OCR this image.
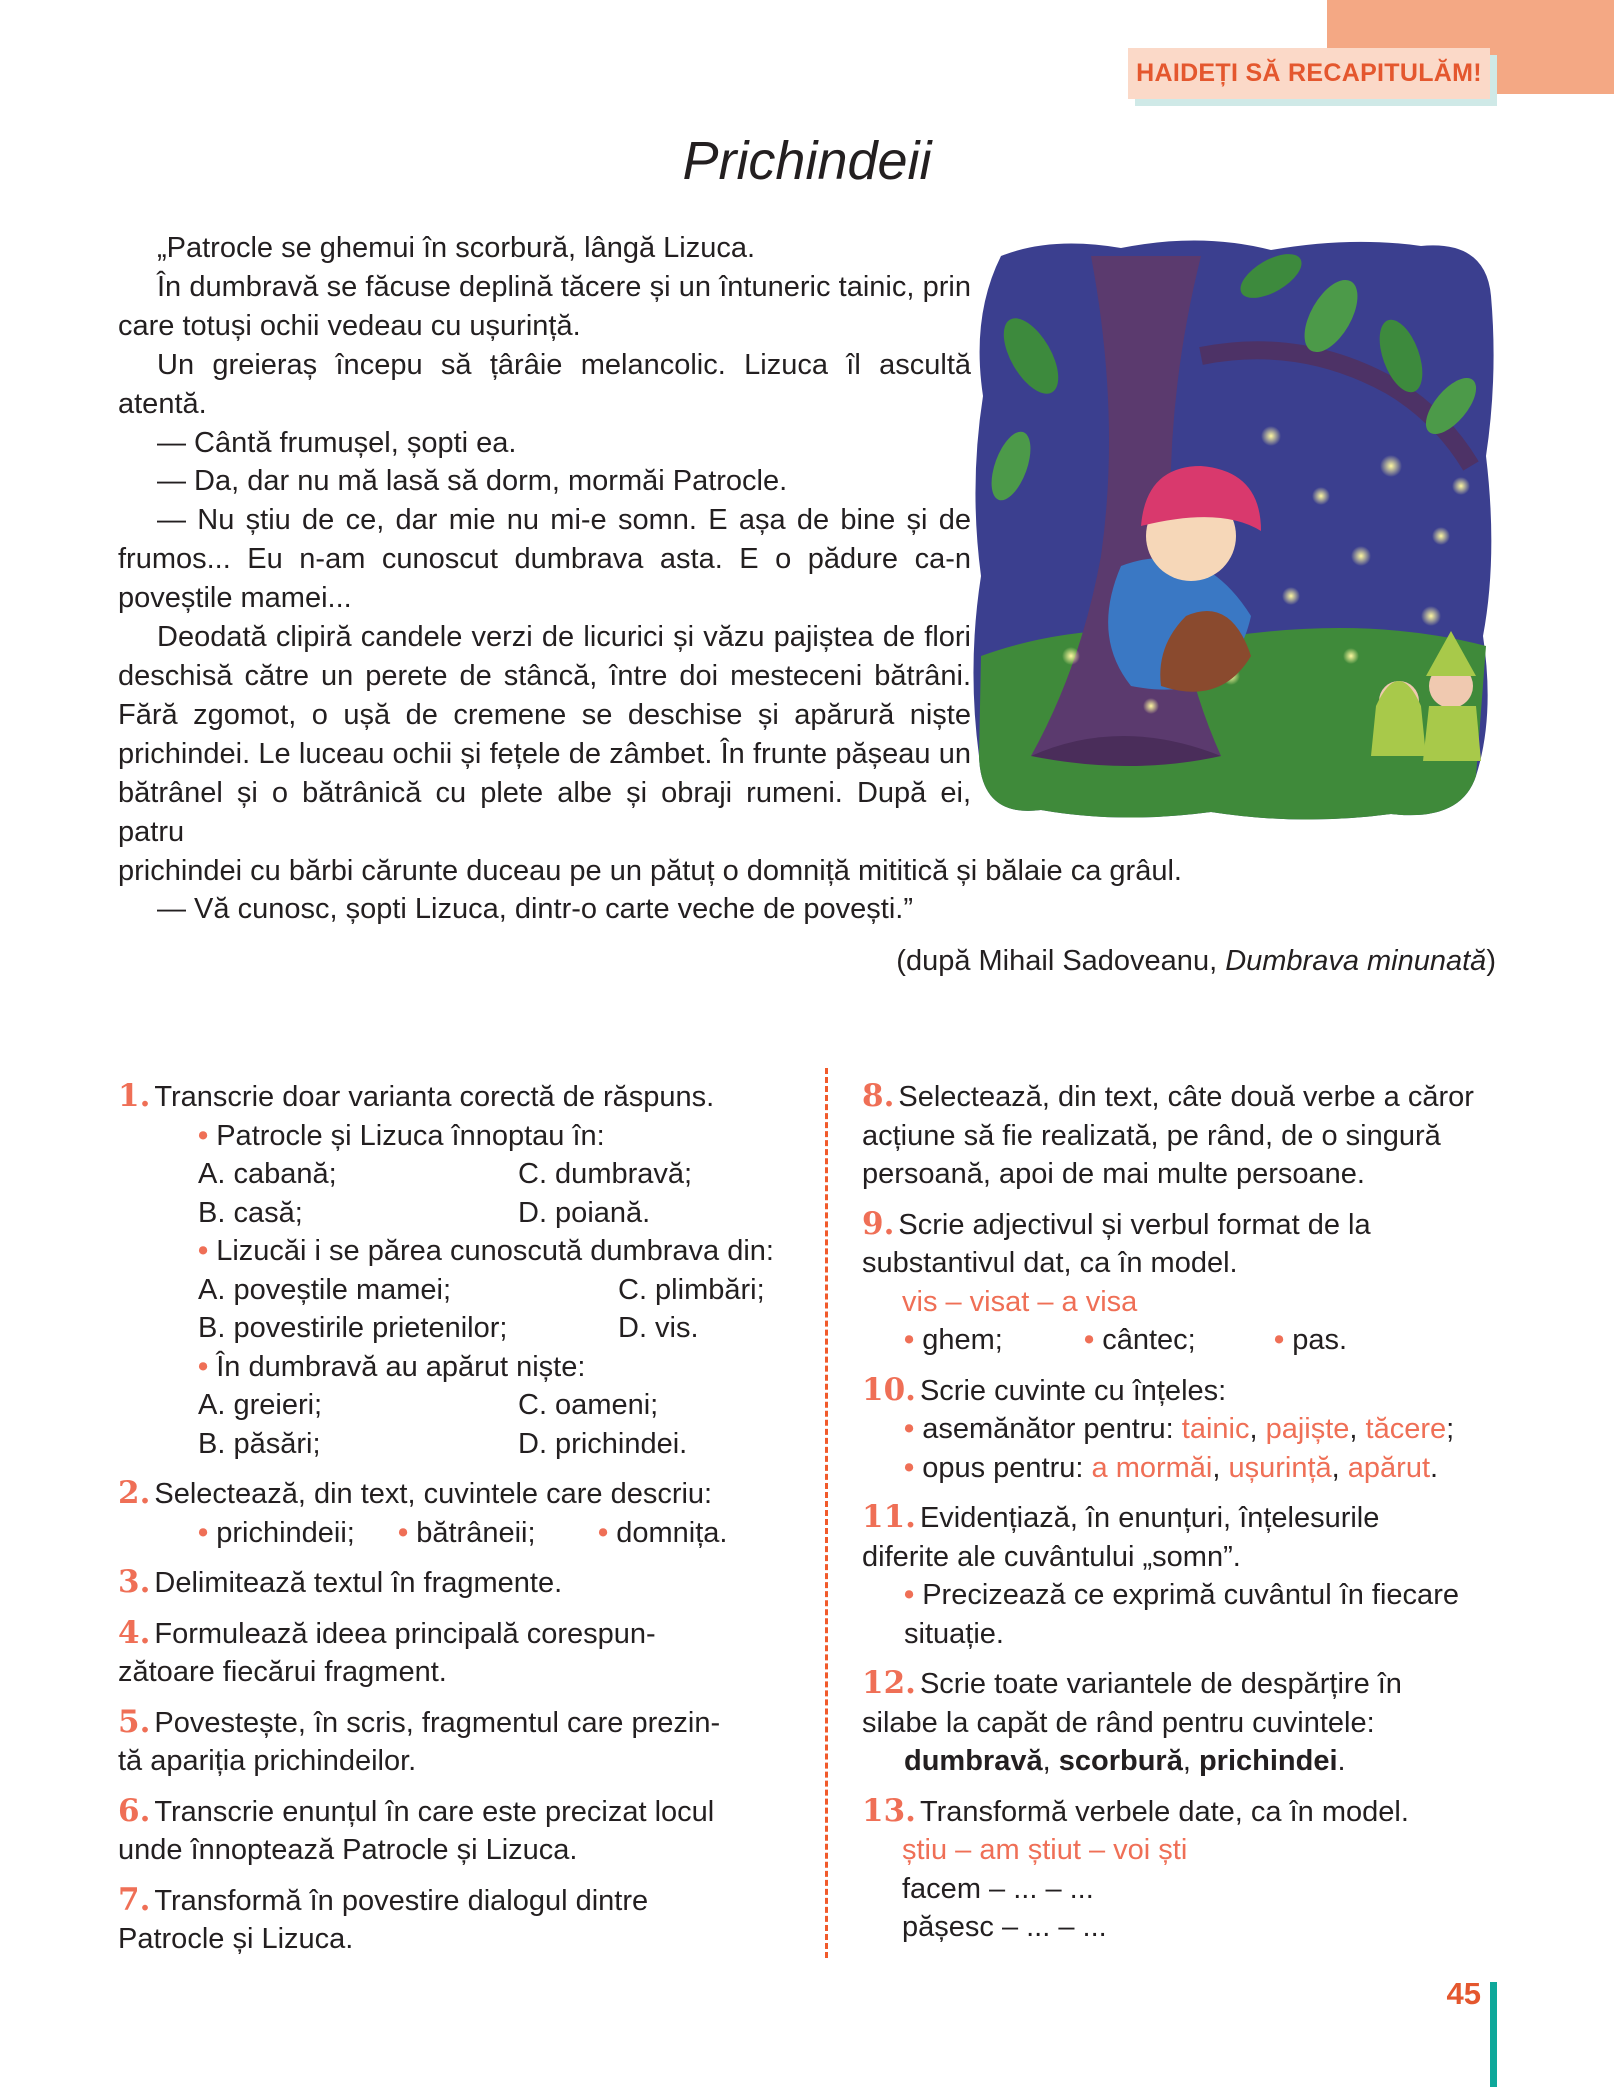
HAIDEȚI SĂ RECAPITULĂM!
Prichindeii

„Patrocle se ghemui în scorbură, lângă Lizuca.

În dumbravă se făcuse deplină tăcere și un întuneric tainic, prin care totuși ochii vedeau cu ușurință.

Un greieraș începu să țârâie melancolic. Lizuca îl ascultă atentă.

— Cântă frumușel, șopti ea.

— Da, dar nu mă lasă să dorm, mormăi Patrocle.

— Nu știu de ce, dar mie nu mi-e somn. E așa de bine și de frumos... Eu n-am cunoscut dumbrava asta. E o pădure ca-n poveștile mamei...

Deodată clipiră candele verzi de licurici și văzu pajiștea de flori deschisă către un perete de stâncă, între doi mesteceni bătrâni. Fără zgomot, o ușă de cremene se deschise și apărură niște prichindei. Le luceau ochii și fețele de zâmbet. În frunte pășeau un bătrânel și o bătrânică cu plete albe și obraji rumeni. După ei, patru

prichindei cu bărbi cărunte duceau pe un pătuț o domniță mititică și bălaie ca grâul.

— Vă cunosc, șopti Lizuca, dintr-o carte veche de povești.”

(după Mihail Sadoveanu, Dumbrava minunată)
1. Transcrie doar varianta corectă de răspuns.
• Patrocle și Lizuca înnoptau în:
A. cabană;	C. dumbravă;
B. casă;	D. poiană.
• Lizucăi i se părea cunoscută dumbrava din:
A. poveștile mamei;	C. plimbări;
B. povestirile prietenilor;	D. vis.
• În dumbravă au apărut niște:
A. greieri;	C. oameni;
B. păsări;	D. prichindei.
2. Selectează, din text, cuvintele care descriu:
• prichindeii;	• bătrâneii;	• domnița.
3. Delimitează textul în fragmente.
4. Formulează ideea principală corespun-
zătoare fiecărui fragment.
5. Povestește, în scris, fragmentul care prezin-
tă apariția prichindeilor.
6. Transcrie enunțul în care este precizat locul
unde înnoptează Patrocle și Lizuca.
7. Transformă în povestire dialogul dintre
Patrocle și Lizuca.
8. Selectează, din text, câte două verbe a căror
acțiune să fie realizată, pe rând, de o singură
persoană, apoi de mai multe persoane.
9. Scrie adjectivul și verbul format de la
substantivul dat, ca în model.
vis – visat – a visa
• ghem;	• cântec;	• pas.
10. Scrie cuvinte cu înțeles:
• asemănător pentru: tainic, pajiște, tăcere;
• opus pentru: a mormăi, ușurință, apărut.
11. Evidențiază, în enunțuri, înțelesurile
diferite ale cuvântului „somn”.
• Precizează ce exprimă cuvântul în fiecare
situație.
12. Scrie toate variantele de despărțire în
silabe la capăt de rând pentru cuvintele:
dumbravă, scorbură, prichindei.
13. Transformă verbele date, ca în model.
știu – am știut – voi ști
facem – ... – ...
pășesc – ... – ...
45
